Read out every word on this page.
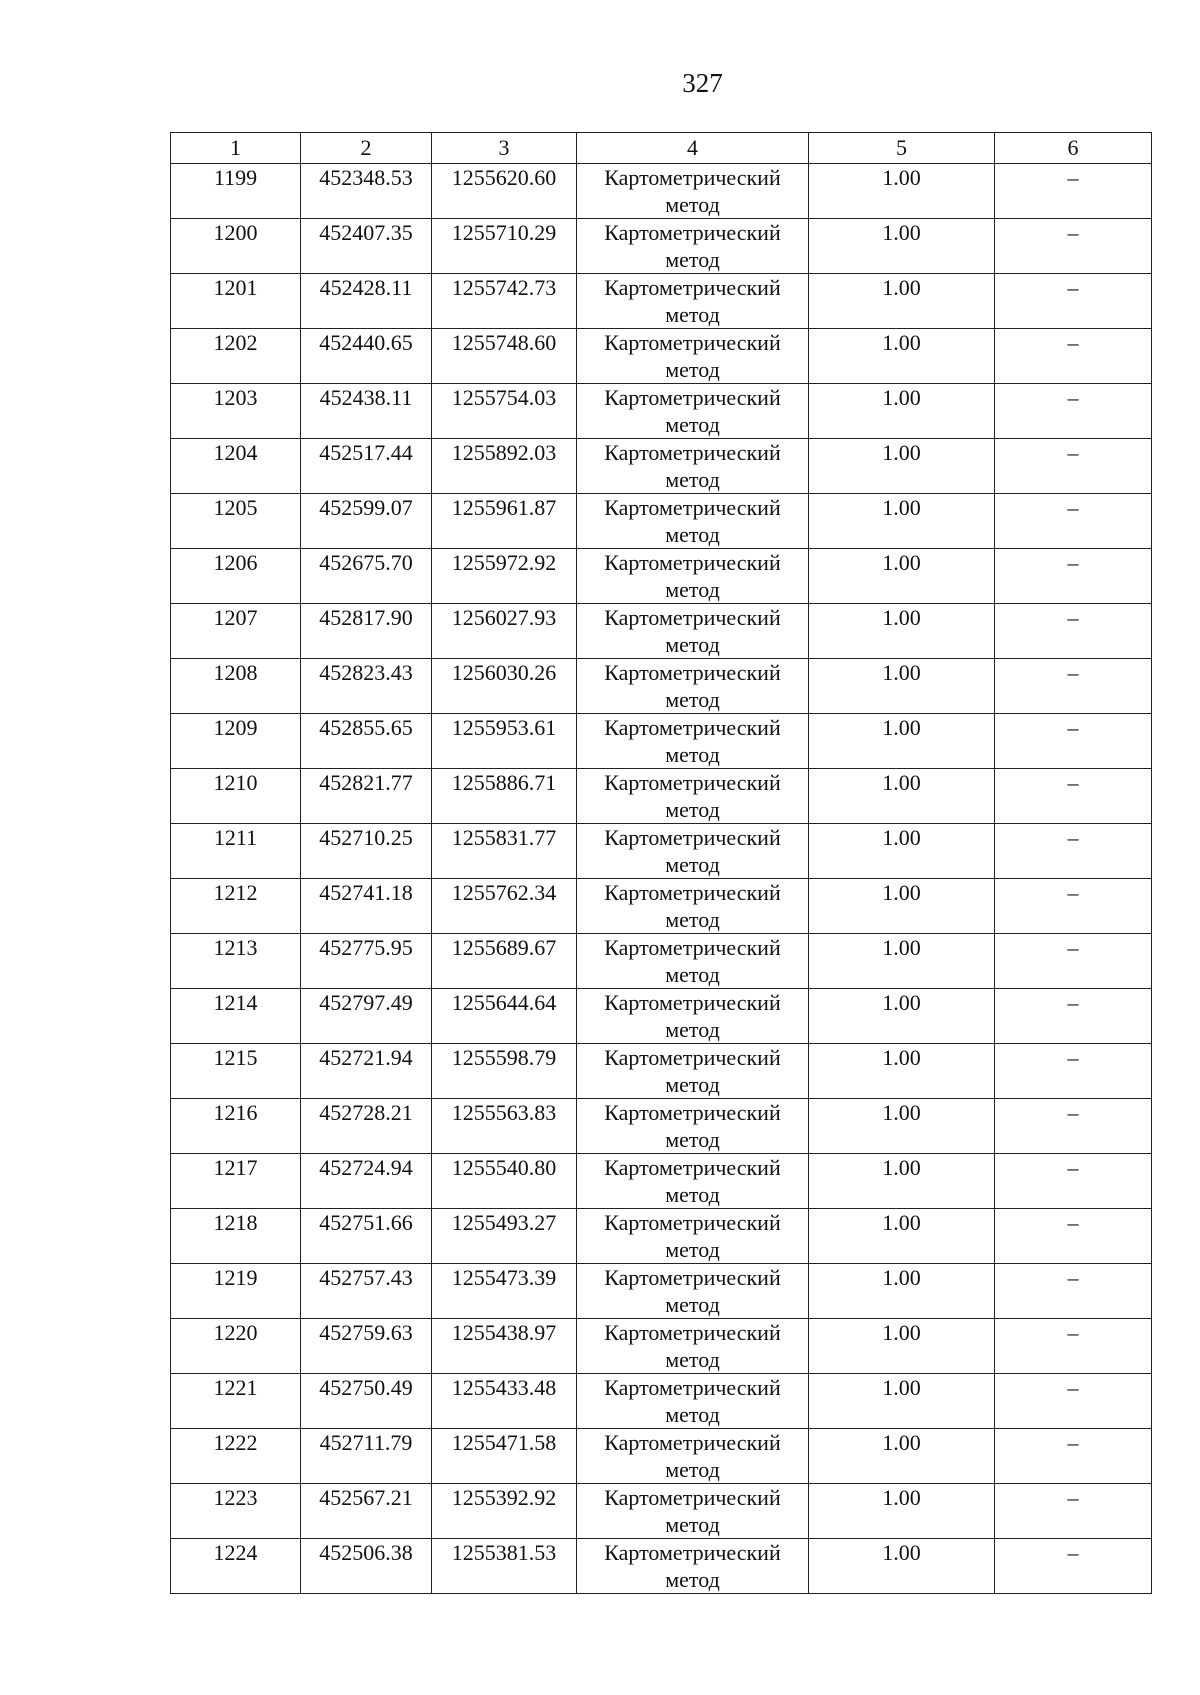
327
1	2	3	4	5	6
1199	452348.53	1255620.60	Картометрический метод	1.00	–
1200	452407.35	1255710.29	Картометрический метод	1.00	–
1201	452428.11	1255742.73	Картометрический метод	1.00	–
1202	452440.65	1255748.60	Картометрический метод	1.00	–
1203	452438.11	1255754.03	Картометрический метод	1.00	–
1204	452517.44	1255892.03	Картометрический метод	1.00	–
1205	452599.07	1255961.87	Картометрический метод	1.00	–
1206	452675.70	1255972.92	Картометрический метод	1.00	–
1207	452817.90	1256027.93	Картометрический метод	1.00	–
1208	452823.43	1256030.26	Картометрический метод	1.00	–
1209	452855.65	1255953.61	Картометрический метод	1.00	–
1210	452821.77	1255886.71	Картометрический метод	1.00	–
1211	452710.25	1255831.77	Картометрический метод	1.00	–
1212	452741.18	1255762.34	Картометрический метод	1.00	–
1213	452775.95	1255689.67	Картометрический метод	1.00	–
1214	452797.49	1255644.64	Картометрический метод	1.00	–
1215	452721.94	1255598.79	Картометрический метод	1.00	–
1216	452728.21	1255563.83	Картометрический метод	1.00	–
1217	452724.94	1255540.80	Картометрический метод	1.00	–
1218	452751.66	1255493.27	Картометрический метод	1.00	–
1219	452757.43	1255473.39	Картометрический метод	1.00	–
1220	452759.63	1255438.97	Картометрический метод	1.00	–
1221	452750.49	1255433.48	Картометрический метод	1.00	–
1222	452711.79	1255471.58	Картометрический метод	1.00	–
1223	452567.21	1255392.92	Картометрический метод	1.00	–
1224	452506.38	1255381.53	Картометрический метод	1.00	–
